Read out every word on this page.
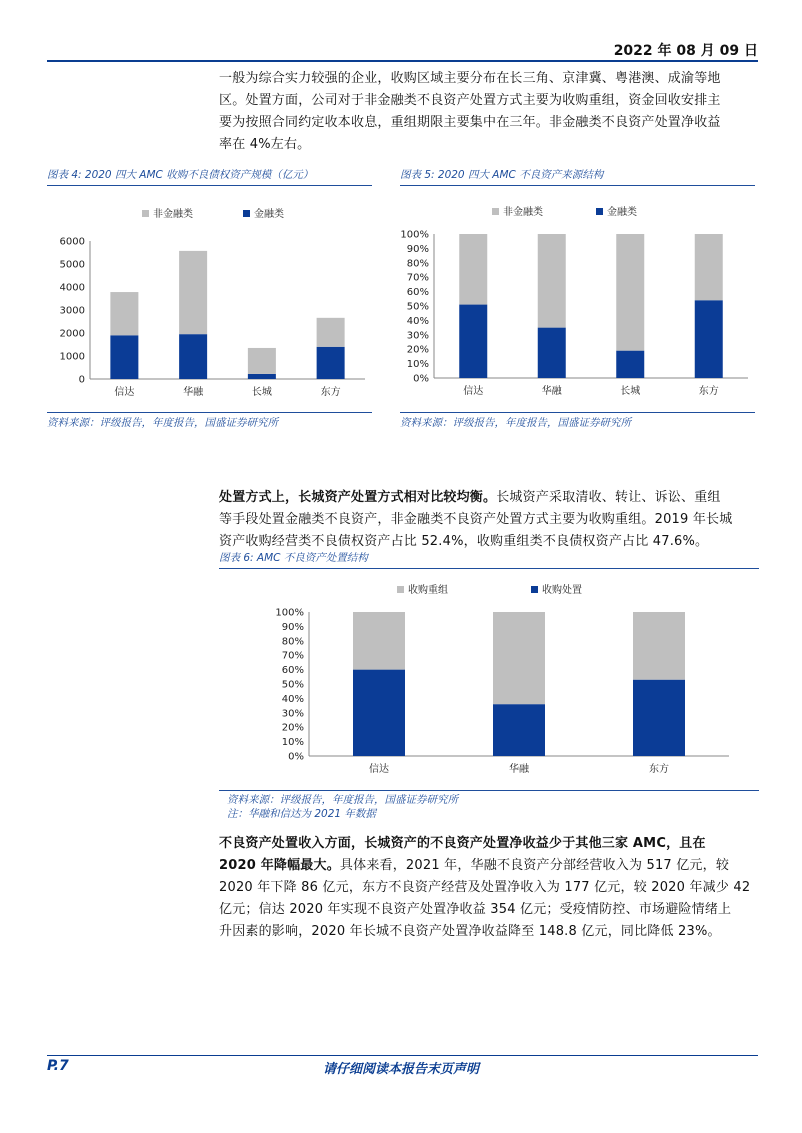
2022 年 08 月 09 日
一般为综合实力较强的企业，收购区域主要分布在长三角、京津冀、粤港澳、成渝等地
区。处置方面，公司对于非金融类不良资产处置方式主要为收购重组，资金回收安排主
要为按照合同约定收本收息，重组期限主要集中在三年。非金融类不良资产处置净收益
率在 4%左右。
图表 4: 2020 四大 AMC 收购不良债权资产规模（亿元）
0
1000
2000
3000
4000
5000
6000
信达	华融	长城	东方
非金融类	金融类
资料来源：评级报告，年度报告，国盛证券研究所
图表 5: 2020 四大 AMC 不良资产来源结构
0%
10%
20%
30%
40%
50%
60%
70%
80%
90%
100%
信达	华融	长城	东方
非金融类	金融类
资料来源：评级报告，年度报告，国盛证券研究所
处置方式上，长城资产处置方式相对比较均衡。长城资产采取清收、转让、诉讼、重组
等手段处置金融类不良资产，非金融类不良资产处置方式主要为收购重组。2019 年长城
资产收购经营类不良债权资产占比 52.4%，收购重组类不良债权资产占比 47.6%。
图表 6: AMC 不良资产处置结构
0%
10%
20%
30%
40%
50%
60%
70%
80%
90%
100%
信达	华融	东方
收购重组	收购处置
资料来源：评级报告，年度报告，国盛证券研究所
注：华融和信达为 2021 年数据
不良资产处置收入方面，长城资产的不良资产处置净收益少于其他三家 AMC，且在
2020 年降幅最大。具体来看，2021 年，华融不良资产分部经营收入为 517 亿元，较
2020 年下降 86 亿元，东方不良资产经营及处置净收入为 177 亿元，较 2020 年减少 42
亿元；信达 2020 年实现不良资产处置净收益 354 亿元；受疫情防控、市场避险情绪上
升因素的影响，2020 年长城不良资产处置净收益降至 148.8 亿元，同比降低 23%。
P.7	请仔细阅读本报告末页声明
